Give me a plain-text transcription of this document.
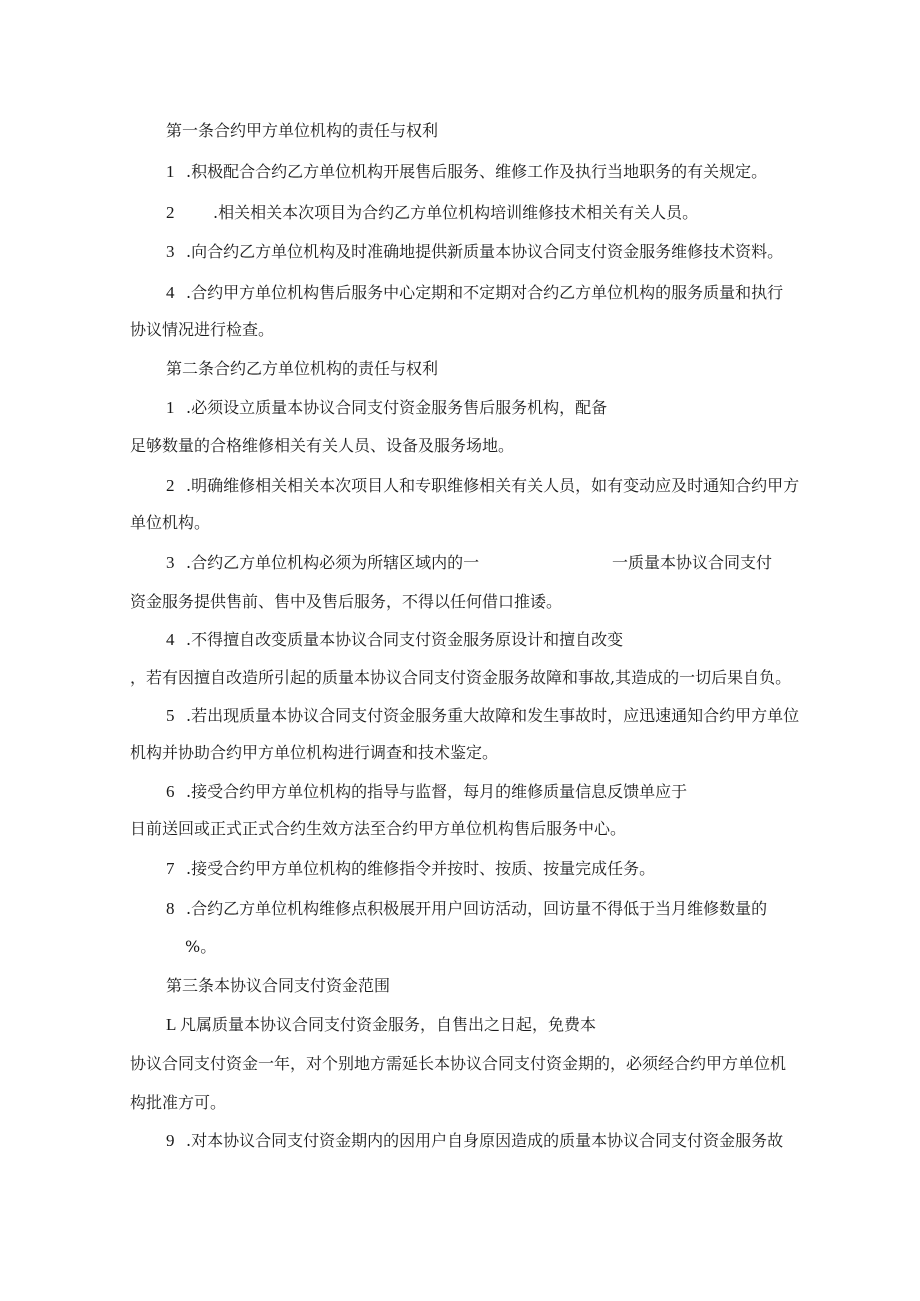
第一条合约甲方单位机构的责任与权利
1 .积极配合合约乙方单位机构开展售后服务、维修工作及执行当地职务的有关规定。
2 .相关相关本次项目为合约乙方单位机构培训维修技术相关有关人员。
3 .向合约乙方单位机构及时准确地提供新质量本协议合同支付资金服务维修技术资料。
4 .合约甲方单位机构售后服务中心定期和不定期对合约乙方单位机构的服务质量和执行
协议情况进行检查。
第二条合约乙方单位机构的责任与权利
1 .必须设立质量本协议合同支付资金服务售后服务机构，配备
足够数量的合格维修相关有关人员、设备及服务场地。
2 .明确维修相关相关本次项目人和专职维修相关有关人员，如有变动应及时通知合约甲方
单位机构。
3 .合约乙方单位机构必须为所辖区域内的一	一质量本协议合同支付
资金服务提供售前、售中及售后服务，不得以任何借口推诿。
4 .不得擅自改变质量本协议合同支付资金服务原设计和擅自改变
，若有因擅自改造所引起的质量本协议合同支付资金服务故障和事故,其造成的一切后果自负。
5 .若出现质量本协议合同支付资金服务重大故障和发生事故时，应迅速通知合约甲方单位
机构并协助合约甲方单位机构进行调查和技术鉴定。
6 .接受合约甲方单位机构的指导与监督，每月的维修质量信息反馈单应于
日前送回或正式正式合约生效方法至合约甲方单位机构售后服务中心。
7 .接受合约甲方单位机构的维修指令并按时、按质、按量完成任务。
8 .合约乙方单位机构维修点积极展开用户回访活动，回访量不得低于当月维修数量的
%。
第三条本协议合同支付资金范围
L 凡属质量本协议合同支付资金服务，自售出之日起，免费本
协议合同支付资金一年，对个别地方需延长本协议合同支付资金期的，必须经合约甲方单位机
构批准方可。
9 .对本协议合同支付资金期内的因用户自身原因造成的质量本协议合同支付资金服务故
